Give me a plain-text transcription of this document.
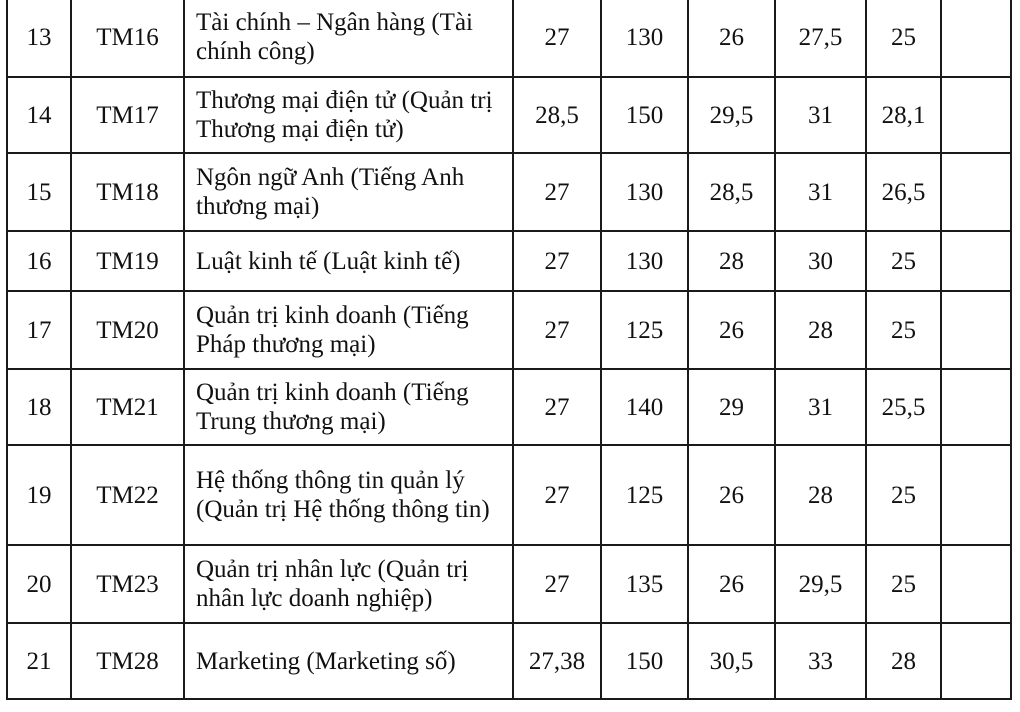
13	TM16	Tài chính – Ngân hàng (Tài chính công)	27	130	26	27,5	25	
14	TM17	Thương mại điện tử (Quản trị Thương mại điện tử)	28,5	150	29,5	31	28,1	
15	TM18	Ngôn ngữ Anh (Tiếng Anh thương mại)	27	130	28,5	31	26,5	
16	TM19	Luật kinh tế (Luật kinh tế)	27	130	28	30	25	
17	TM20	Quản trị kinh doanh (Tiếng Pháp thương mại)	27	125	26	28	25	
18	TM21	Quản trị kinh doanh (Tiếng Trung thương mại)	27	140	29	31	25,5	
19	TM22	Hệ thống thông tin quản lý (Quản trị Hệ thống thông tin)	27	125	26	28	25	
20	TM23	Quản trị nhân lực (Quản trị nhân lực doanh nghiệp)	27	135	26	29,5	25	
21	TM28	Marketing (Marketing số)	27,38	150	30,5	33	28	
